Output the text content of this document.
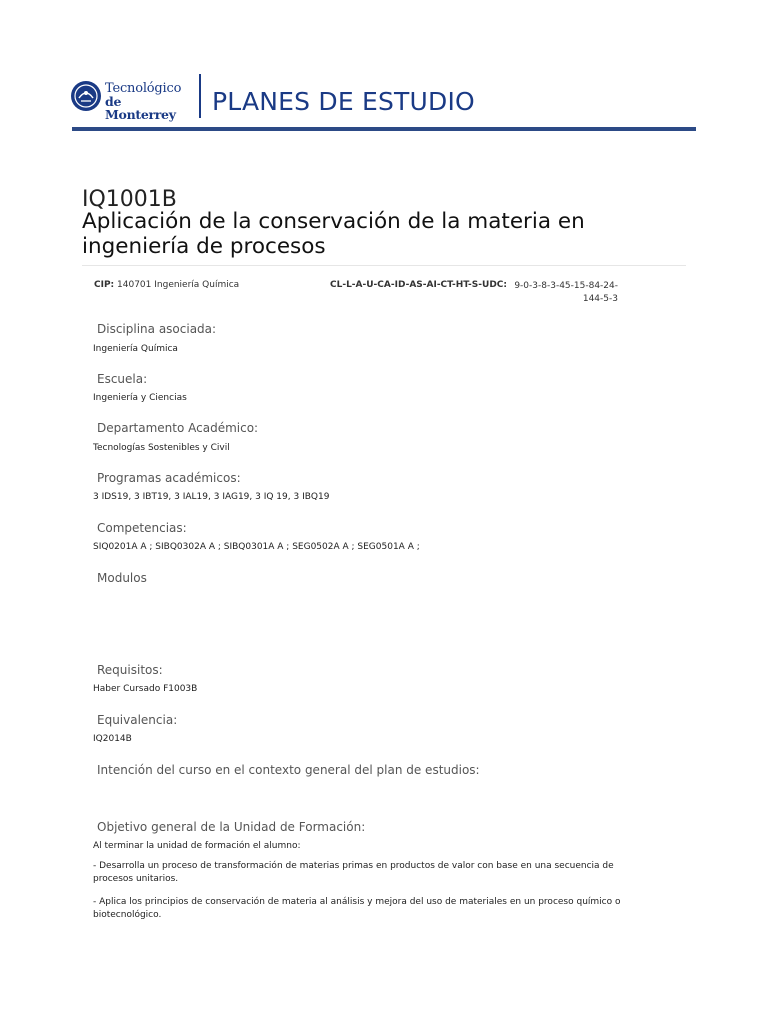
Tecnológico
de Monterrey	PLANES DE ESTUDIO
IQ1001B
Aplicación de la conservación de la materia en ingeniería de procesos
CIP: 140701 Ingeniería Química	CL-L-A-U-CA-ID-AS-AI-CT-HT-S-UDC: 9-0-3-8-3-45-15-84-24-144-5-3
Disciplina asociada:
Ingeniería Química
Escuela:
Ingeniería y Ciencias
Departamento Académico:
Tecnologías Sostenibles y Civil
Programas académicos:
3 IDS19, 3 IBT19, 3 IAL19, 3 IAG19, 3 IQ 19, 3 IBQ19
Competencias:
SIQ0201A A ; SIBQ0302A A ; SIBQ0301A A ; SEG0502A A ; SEG0501A A ;
Modulos
Requisitos:
Haber Cursado F1003B
Equivalencia:
IQ2014B
Intención del curso en el contexto general del plan de estudios:
Objetivo general de la Unidad de Formación:
Al terminar la unidad de formación el alumno:
- Desarrolla un proceso de transformación de materias primas en productos de valor con base en una secuencia de procesos unitarios.
- Aplica los principios de conservación de materia al análisis y mejora del uso de materiales en un proceso químico o biotecnológico.
